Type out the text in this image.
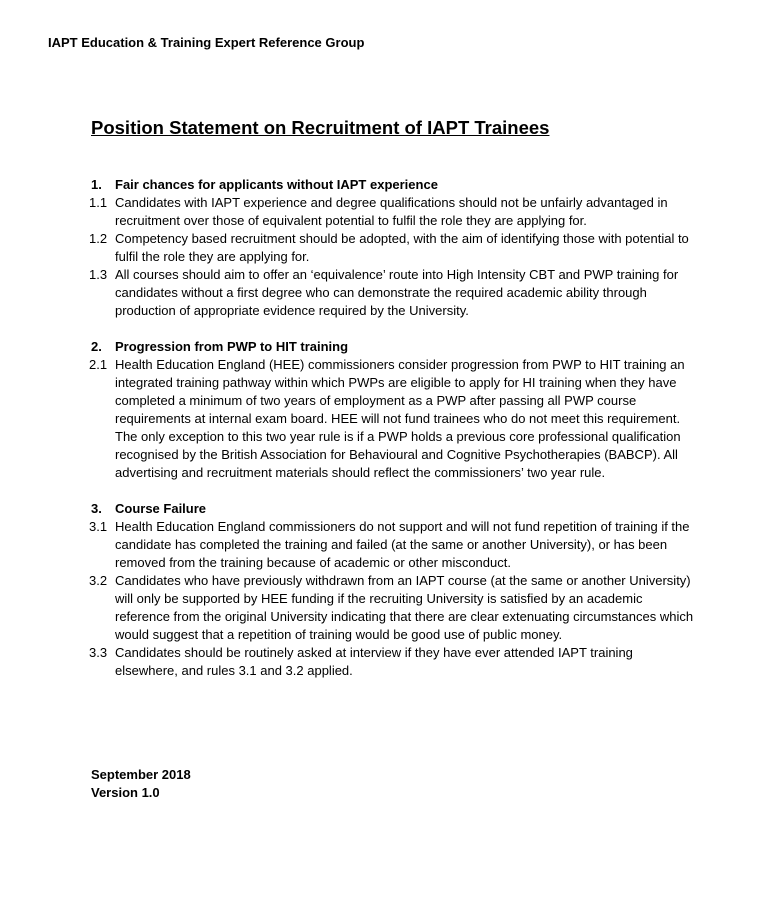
IAPT Education & Training Expert Reference Group
Position Statement on Recruitment of IAPT Trainees
1. Fair chances for applicants without IAPT experience
1.1 Candidates with IAPT experience and degree qualifications should not be unfairly advantaged in recruitment over those of equivalent potential to fulfil the role they are applying for.
1.2 Competency based recruitment should be adopted, with the aim of identifying those with potential to fulfil the role they are applying for.
1.3 All courses should aim to offer an ‘equivalence’ route into High Intensity CBT and PWP training for candidates without a first degree who can demonstrate the required academic ability through production of appropriate evidence required by the University.
2. Progression from PWP to HIT training
2.1 Health Education England (HEE) commissioners consider progression from PWP to HIT training an integrated training pathway within which PWPs are eligible to apply for HI training when they have completed a minimum of two years of employment as a PWP after passing all PWP course requirements at internal exam board. HEE will not fund trainees who do not meet this requirement. The only exception to this two year rule is if a PWP holds a previous core professional qualification recognised by the British Association for Behavioural and Cognitive Psychotherapies (BABCP). All advertising and recruitment materials should reflect the commissioners’ two year rule.
3. Course Failure
3.1 Health Education England commissioners do not support and will not fund repetition of training if the candidate has completed the training and failed (at the same or another University), or has been removed from the training because of academic or other misconduct.
3.2 Candidates who have previously withdrawn from an IAPT course (at the same or another University) will only be supported by HEE funding if the recruiting University is satisfied by an academic reference from the original University indicating that there are clear extenuating circumstances which would suggest that a repetition of training would be good use of public money.
3.3 Candidates should be routinely asked at interview if they have ever attended IAPT training elsewhere, and rules 3.1 and 3.2 applied.
September 2018
Version 1.0
